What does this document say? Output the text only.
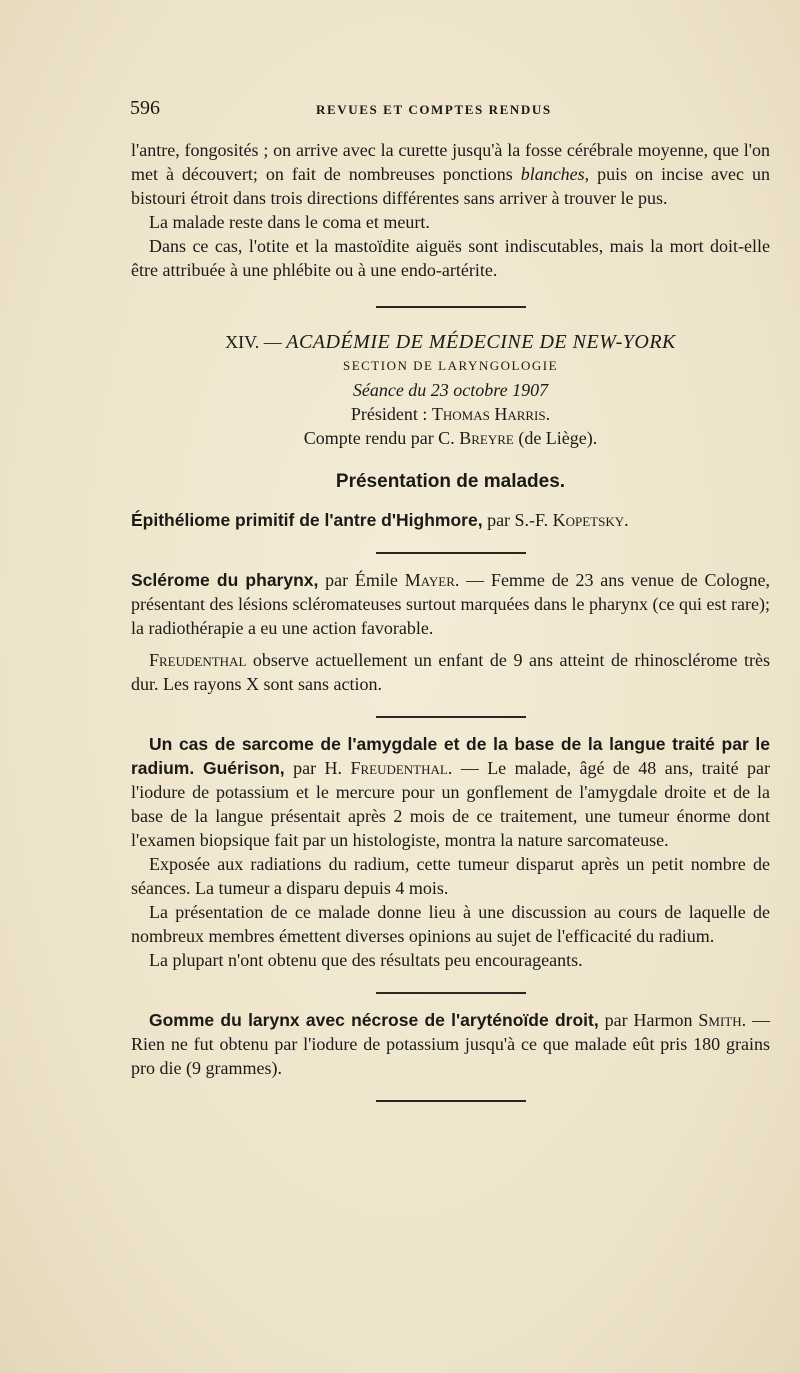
596	REVUES ET COMPTES RENDUS

l'antre, fongosités ; on arrive avec la curette jusqu'à la fosse cérébrale moyenne, que l'on met à découvert; on fait de nombreuses ponctions blanches, puis on incise avec un bistouri étroit dans trois directions différentes sans arriver à trouver le pus.

La malade reste dans le coma et meurt.

Dans ce cas, l'otite et la mastoïdite aiguës sont indiscutables, mais la mort doit-elle être attribuée à une phlébite ou à une endo-artérite.

XIV. — ACADÉMIE DE MÉDECINE DE NEW-YORK

SECTION DE LARYNGOLOGIE

Séance du 23 octobre 1907

Président : Thomas Harris.

Compte rendu par C. Breyre (de Liège).

Présentation de malades.

Épithéliome primitif de l'antre d'Highmore, par S.-F. Kopetsky.

Sclérome du pharynx, par Émile Mayer. — Femme de 23 ans venue de Cologne, présentant des lésions scléromateuses surtout marquées dans le pharynx (ce qui est rare); la radiothérapie a eu une action favorable.

Freudenthal observe actuellement un enfant de 9 ans atteint de rhinosclérome très dur. Les rayons X sont sans action.

Un cas de sarcome de l'amygdale et de la base de la langue traité par le radium. Guérison, par H. Freudenthal. — Le malade, âgé de 48 ans, traité par l'iodure de potassium et le mercure pour un gonflement de l'amygdale droite et de la base de la langue présentait après 2 mois de ce traitement, une tumeur énorme dont l'examen biopsique fait par un histologiste, montra la nature sarcomateuse.

Exposée aux radiations du radium, cette tumeur disparut après un petit nombre de séances. La tumeur a disparu depuis 4 mois.

La présentation de ce malade donne lieu à une discussion au cours de laquelle de nombreux membres émettent diverses opinions au sujet de l'efficacité du radium.

La plupart n'ont obtenu que des résultats peu encourageants.

Gomme du larynx avec nécrose de l'aryténoïde droit, par Harmon Smith. — Rien ne fut obtenu par l'iodure de potassium jusqu'à ce que malade eût pris 180 grains pro die (9 grammes).
